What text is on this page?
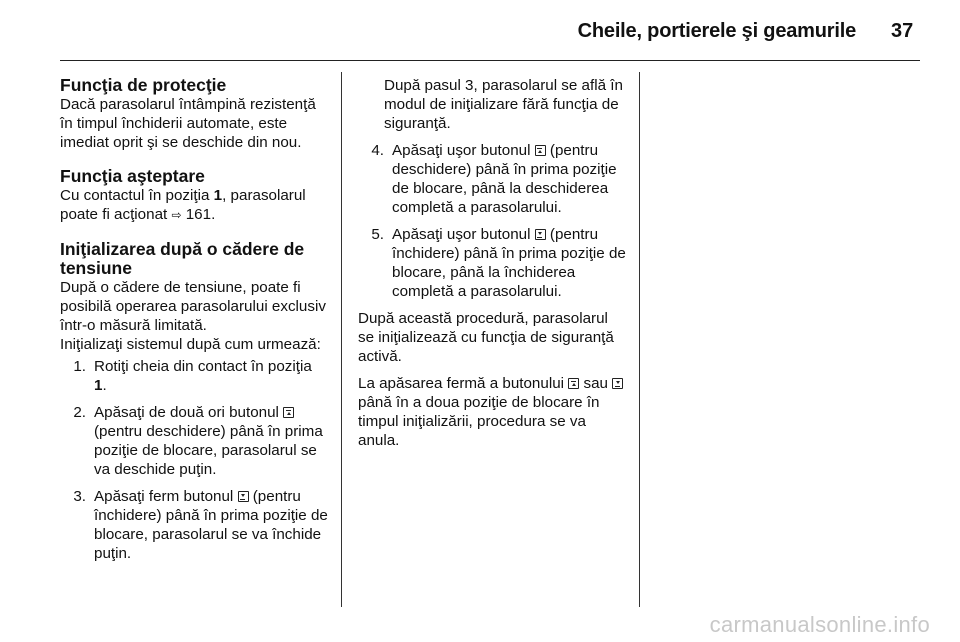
Cheile, portierele şi geamurile 37
Funcţia de protecţie

Dacă parasolarul întâmpină rezistenţă în timpul închiderii automate, este imediat oprit şi se deschide din nou.

Funcţia aşteptare

Cu contactul în poziţia 1, parasolarul poate fi acţionat ⇨ 161.

Iniţializarea după o cădere de tensiune

După o cădere de tensiune, poate fi posibilă operarea parasolarului exclusiv într-o măsură limitată.

Iniţializaţi sistemul după cum urmează:

1. Rotiţi cheia din contact în poziţia 1.
2. Apăsaţi de două ori butonul  (pentru deschidere) până în prima poziţie de blocare, parasolarul se va deschide puţin.
3. Apăsaţi ferm butonul  (pentru închidere) până în prima poziţie de blocare, parasolarul se va închide puţin.

După pasul 3, parasolarul se află în modul de iniţializare fără funcţia de siguranţă.

4. Apăsaţi uşor butonul  (pentru deschidere) până în prima poziţie de blocare, până la deschiderea completă a parasolarului.
5. Apăsaţi uşor butonul  (pentru închidere) până în prima poziţie de blocare, până la închiderea completă a parasolarului.

După această procedură, parasolarul se iniţializează cu funcţia de siguranţă activă.

La apăsarea fermă a butonului  sau  până în a doua poziţie de blocare în timpul iniţializării, procedura se va anula.

carmanualsonline.info
